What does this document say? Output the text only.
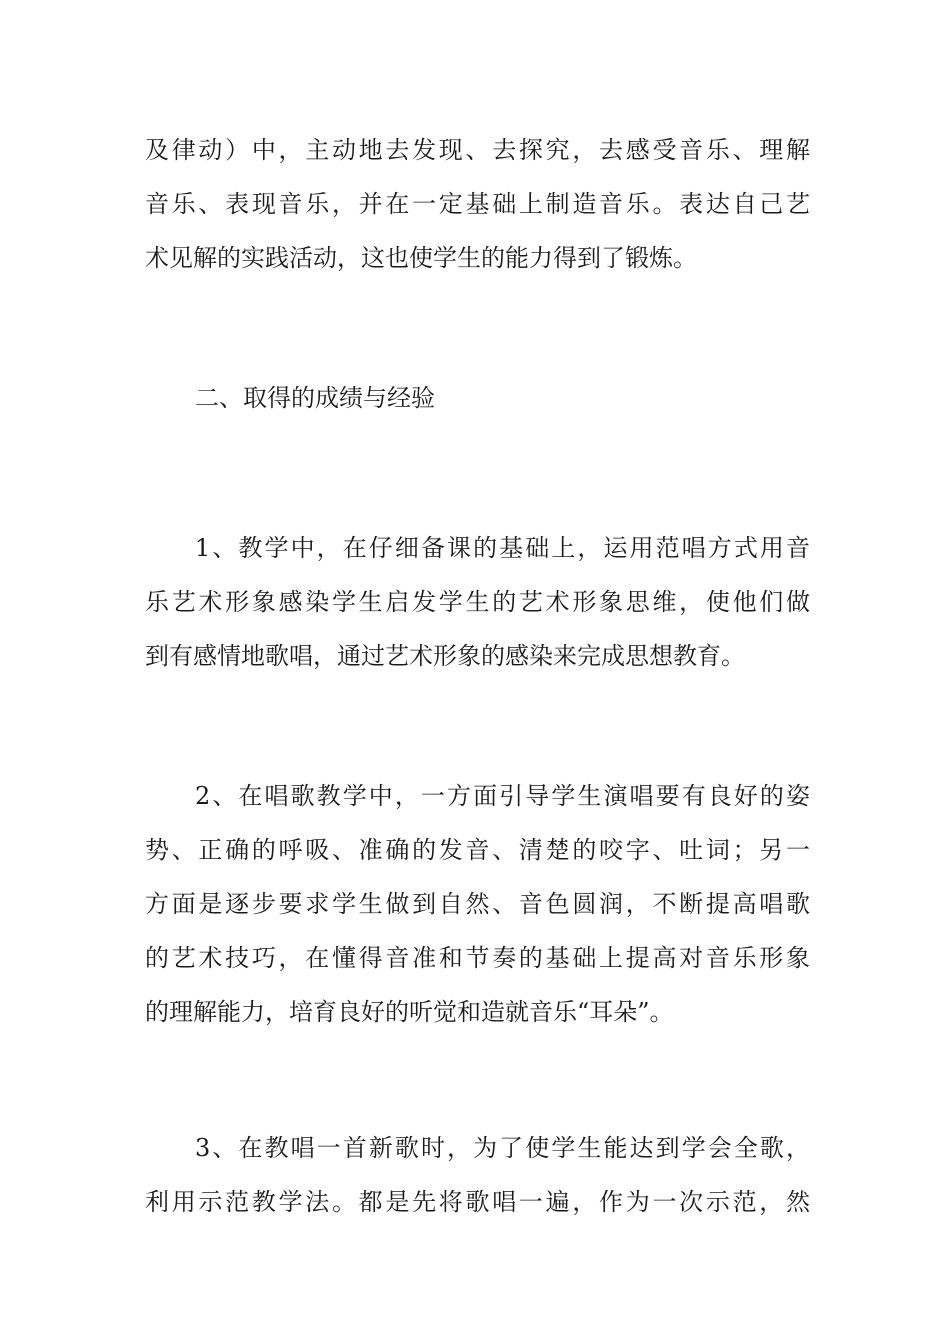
及律动）中，主动地去发现、去探究，去感受音乐、理解
音乐、表现音乐，并在一定基础上制造音乐。表达自己艺
术见解的实践活动，这也使学生的能力得到了锻炼。

二、取得的成绩与经验

1、教学中，在仔细备课的基础上，运用范唱方式用音
乐艺术形象感染学生启发学生的艺术形象思维，使他们做
到有感情地歌唱，通过艺术形象的感染来完成思想教育。

2、在唱歌教学中，一方面引导学生演唱要有良好的姿
势、正确的呼吸、准确的发音、清楚的咬字、吐词；另一
方面是逐步要求学生做到自然、音色圆润，不断提高唱歌
的艺术技巧，在懂得音准和节奏的基础上提高对音乐形象
的理解能力，培育良好的听觉和造就音乐“耳朵”。

3、在教唱一首新歌时，为了使学生能达到学会全歌，
利用示范教学法。都是先将歌唱一遍，作为一次示范，然
